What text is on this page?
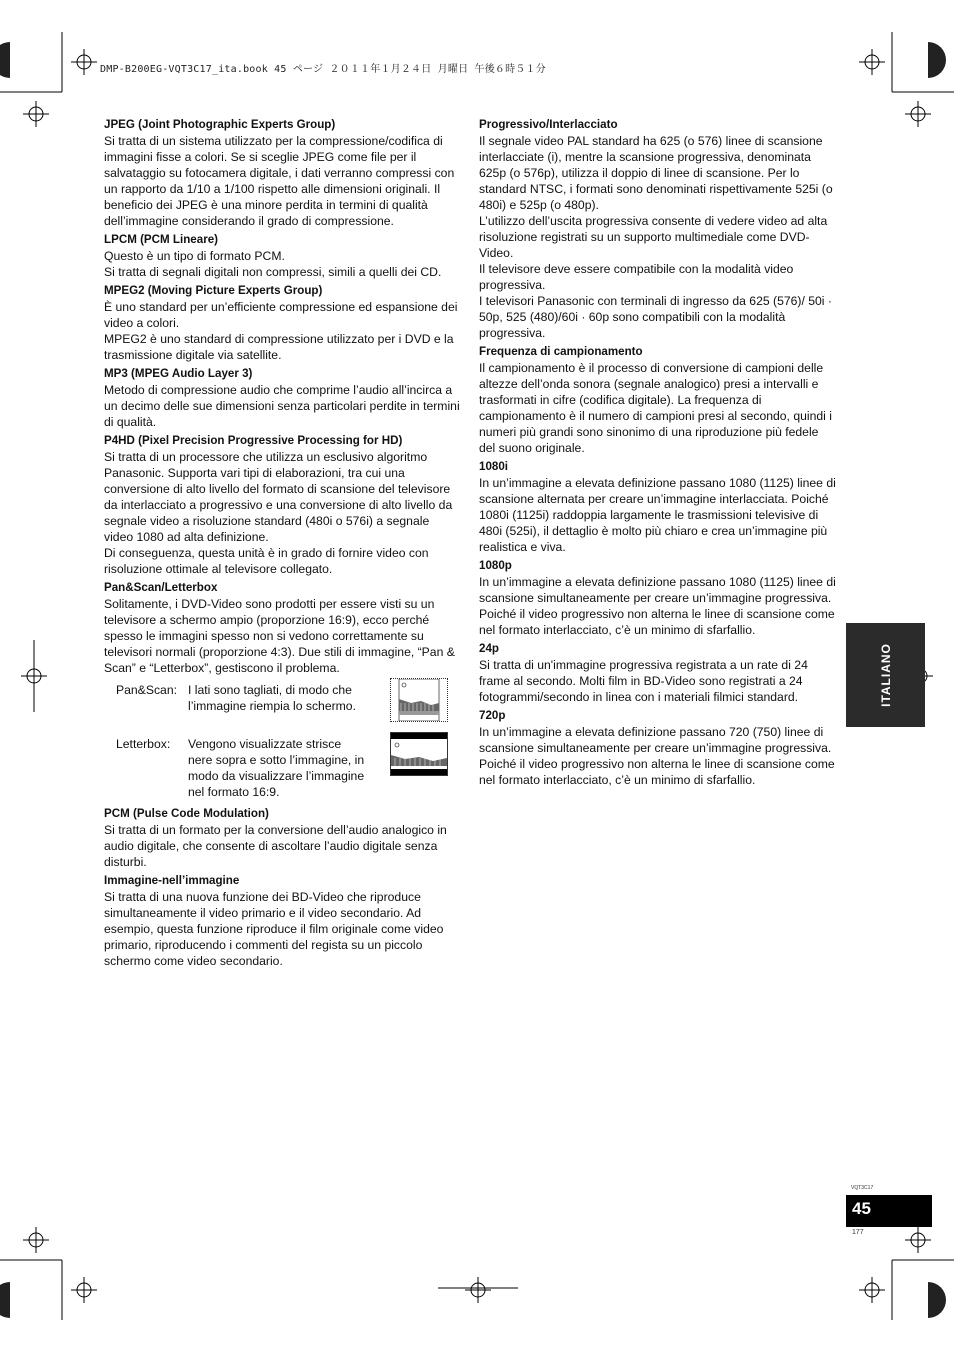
DMP-B200EG-VQT3C17_ita.book 45 ページ ２０１１年１月２４日 月曜日 午後６時５１分
JPEG (Joint Photographic Experts Group)

Si tratta di un sistema utilizzato per la compressione/codifica di immagini fisse a colori. Se si sceglie JPEG come file per il salvataggio su fotocamera digitale, i dati verranno compressi con un rapporto da 1/10 a 1/100 rispetto alle dimensioni originali. Il beneficio dei JPEG è una minore perdita in termini di qualità dell’immagine considerando il grado di compressione.

LPCM (PCM Lineare)

Questo è un tipo di formato PCM.

Si tratta di segnali digitali non compressi, simili a quelli dei CD.

MPEG2 (Moving Picture Experts Group)

È uno standard per un’efficiente compressione ed espansione dei video a colori.

MPEG2 è uno standard di compressione utilizzato per i DVD e la trasmissione digitale via satellite.

MP3 (MPEG Audio Layer 3)

Metodo di compressione audio che comprime l’audio all’incirca a un decimo delle sue dimensioni senza particolari perdite in termini di qualità.

P4HD (Pixel Precision Progressive Processing for HD)

Si tratta di un processore che utilizza un esclusivo algoritmo Panasonic. Supporta vari tipi di elaborazioni, tra cui una conversione di alto livello del formato di scansione del televisore da interlacciato a progressivo e una conversione di alto livello da segnale video a risoluzione standard (480i o 576i) a segnale video 1080 ad alta definizione.

Di conseguenza, questa unità è in grado di fornire video con risoluzione ottimale al televisore collegato.

Pan&Scan/Letterbox

Solitamente, i DVD-Video sono prodotti per essere visti su un televisore a schermo ampio (proporzione 16:9), ecco perché spesso le immagini spesso non si vedono correttamente su televisori normali (proporzione 4:3). Due stili di immagine, “Pan & Scan” e “Letterbox”, gestiscono il problema.

Pan&Scan: I lati sono tagliati, di modo che l’immagine riempia lo schermo.
Letterbox:	Vengono visualizzate strisce nere sopra e sotto l’immagine, in modo da visualizzare l’immagine nel formato 16:9.
PCM (Pulse Code Modulation)

Si tratta di un formato per la conversione dell’audio analogico in audio digitale, che consente di ascoltare l’audio digitale senza disturbi.

Immagine-nell’immagine

Si tratta di una nuova funzione dei BD-Video che riproduce simultaneamente il video primario e il video secondario. Ad esempio, questa funzione riproduce il film originale come video primario, riproducendo i commenti del regista su un piccolo schermo come video secondario.

Progressivo/Interlacciato

Il segnale video PAL standard ha 625 (o 576) linee di scansione interlacciate (i), mentre la scansione progressiva, denominata 625p (o 576p), utilizza il doppio di linee di scansione. Per lo standard NTSC, i formati sono denominati rispettivamente 525i (o 480i) e 525p (o 480p).

L’utilizzo dell’uscita progressiva consente di vedere video ad alta risoluzione registrati su un supporto multimediale come DVD-Video.

Il televisore deve essere compatibile con la modalità video progressiva.

I televisori Panasonic con terminali di ingresso da 625 (576)/ 50i · 50p, 525 (480)/60i · 60p sono compatibili con la modalità progressiva.

Frequenza di campionamento

Il campionamento è il processo di conversione di campioni delle altezze dell’onda sonora (segnale analogico) presi a intervalli e trasformati in cifre (codifica digitale). La frequenza di campionamento è il numero di campioni presi al secondo, quindi i numeri più grandi sono sinonimo di una riproduzione più fedele del suono originale.

1080i

In un’immagine a elevata definizione passano 1080 (1125) linee di scansione alternata per creare un’immagine interlacciata. Poiché 1080i (1125i) raddoppia largamente le trasmissioni televisive di 480i (525i), il dettaglio è molto più chiaro e crea un’immagine più realistica e viva.

1080p

In un’immagine a elevata definizione passano 1080 (1125) linee di scansione simultaneamente per creare un’immagine progressiva. Poiché il video progressivo non alterna le linee di scansione come nel formato interlacciato, c’è un minimo di sfarfallio.

24p

Si tratta di un'immagine progressiva registrata a un rate di 24 frame al secondo. Molti film in BD-Video sono registrati a 24 fotogrammi/secondo in linea con i materiali filmici standard.

720p

In un’immagine a elevata definizione passano 720 (750) linee di scansione simultaneamente per creare un’immagine progressiva. Poiché il video progressivo non alterna le linee di scansione come nel formato interlacciato, c’è un minimo di sfarfallio.

ITALIANO
VQT3C17
45
177
